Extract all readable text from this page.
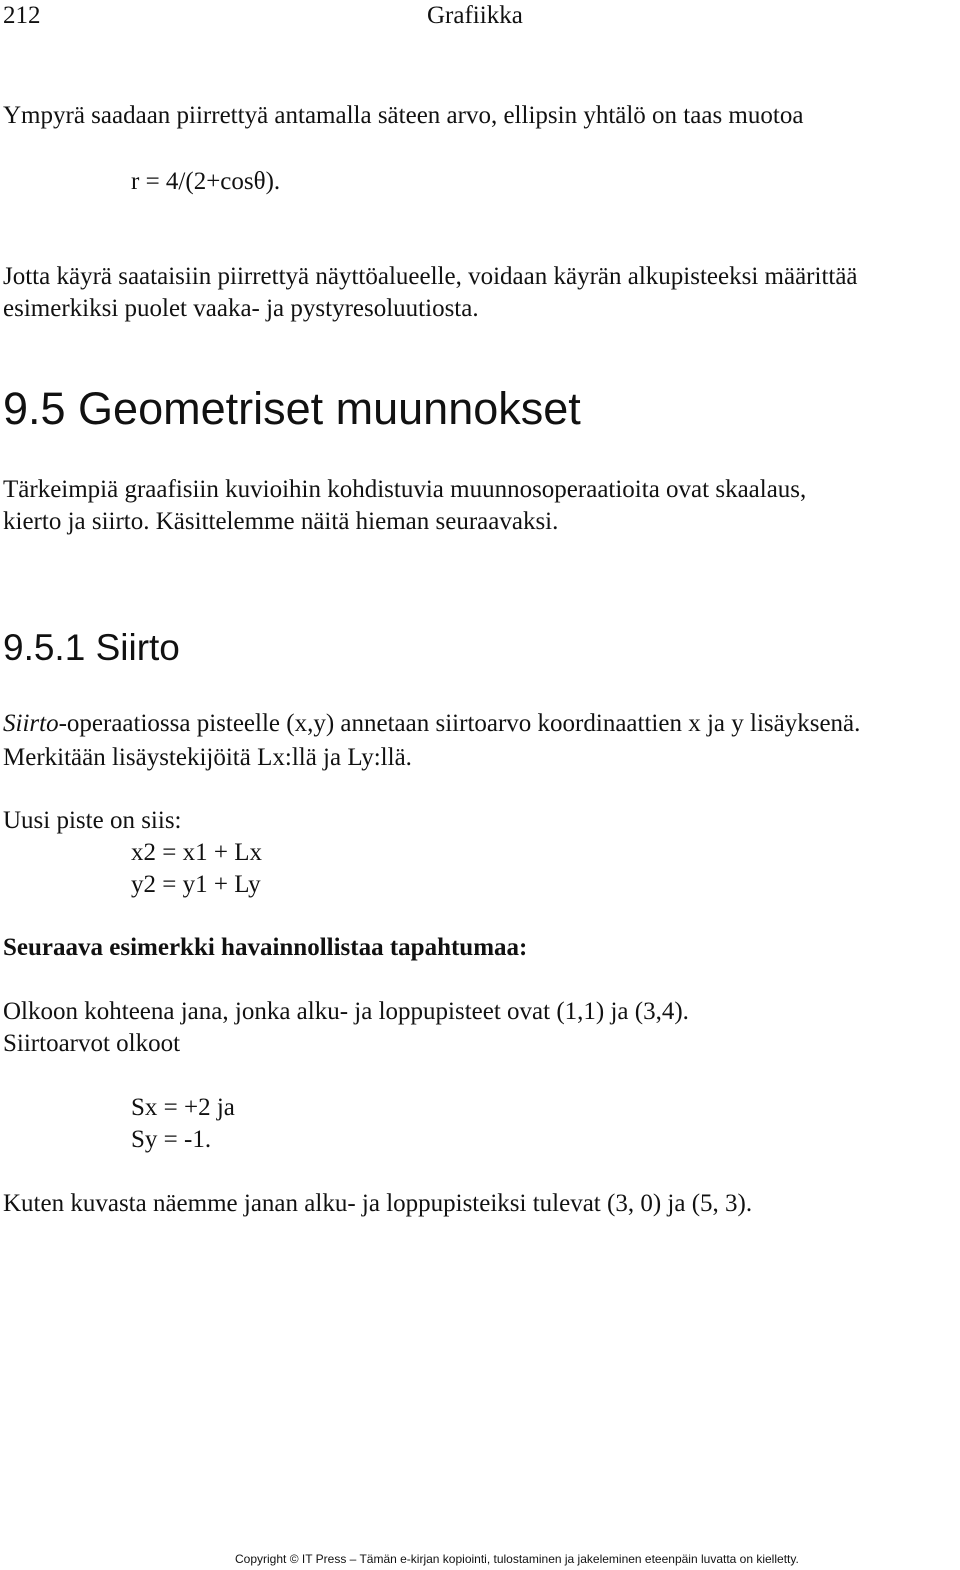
212	Grafiikka
Ympyrä saadaan piirrettyä antamalla säteen arvo, ellipsin yhtälö on taas muotoa
r = 4/(2+cosθ).
Jotta käyrä saataisiin piirrettyä näyttöalueelle, voidaan käyrän alkupisteeksi määrittää
esimerkiksi puolet vaaka- ja pystyresoluutiosta.
9.5 Geometriset muunnokset
Tärkeimpiä graafisiin kuvioihin kohdistuvia muunnosoperaatioita ovat skaalaus,
kierto ja siirto. Käsittelemme näitä hieman seuraavaksi.
9.5.1 Siirto
Siirto-operaatiossa pisteelle (x,y) annetaan siirtoarvo koordinaattien x ja y lisäyksenä.
Merkitään lisäystekijöitä Lx:llä ja Ly:llä.
Uusi piste on siis:
x2 = x1 + Lx
y2 = y1 + Ly
Seuraava esimerkki havainnollistaa tapahtumaa:
Olkoon kohteena jana, jonka alku- ja loppupisteet ovat (1,1) ja (3,4).
Siirtoarvot olkoot
Sx = +2 ja
Sy = -1.
Kuten kuvasta näemme janan alku- ja loppupisteiksi tulevat (3, 0) ja (5, 3).
Copyright © IT Press – Tämän e-kirjan kopiointi, tulostaminen ja jakeleminen eteenpäin luvatta on kielletty.
